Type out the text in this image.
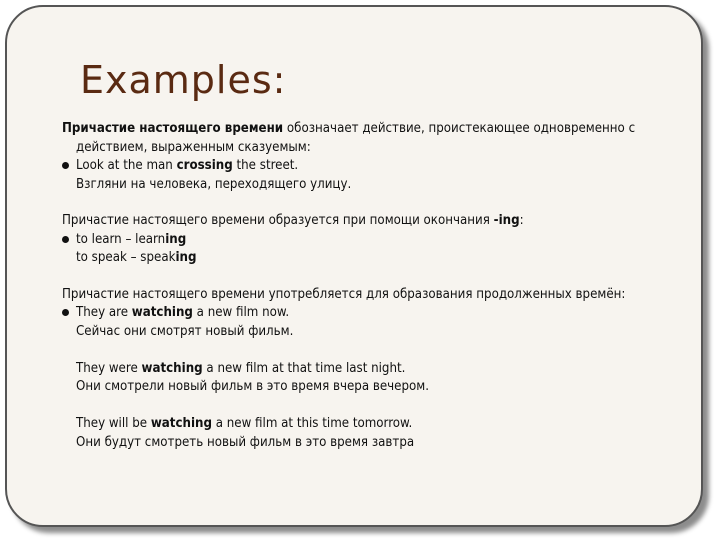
Examples:
Причастие настоящего времени обозначает действие, проистекающее одновременно с действием, выраженным сказуемым:
Look at the man crossing the street.
Взгляни на человека, переходящего улицу.
Причастие настоящего времени образуется при помощи окончания -ing:
to learn – learning
to speak – speaking
Причастие настоящего времени употребляется для образования продолженных времён:
They are watching a new film now.
Сейчас они смотрят новый фильм.

They were watching a new film at that time last night.
Они смотрели новый фильм в это время вчера вечером.

They will be watching a new film at this time tomorrow.
Они будут смотреть новый фильм в это время завтра
